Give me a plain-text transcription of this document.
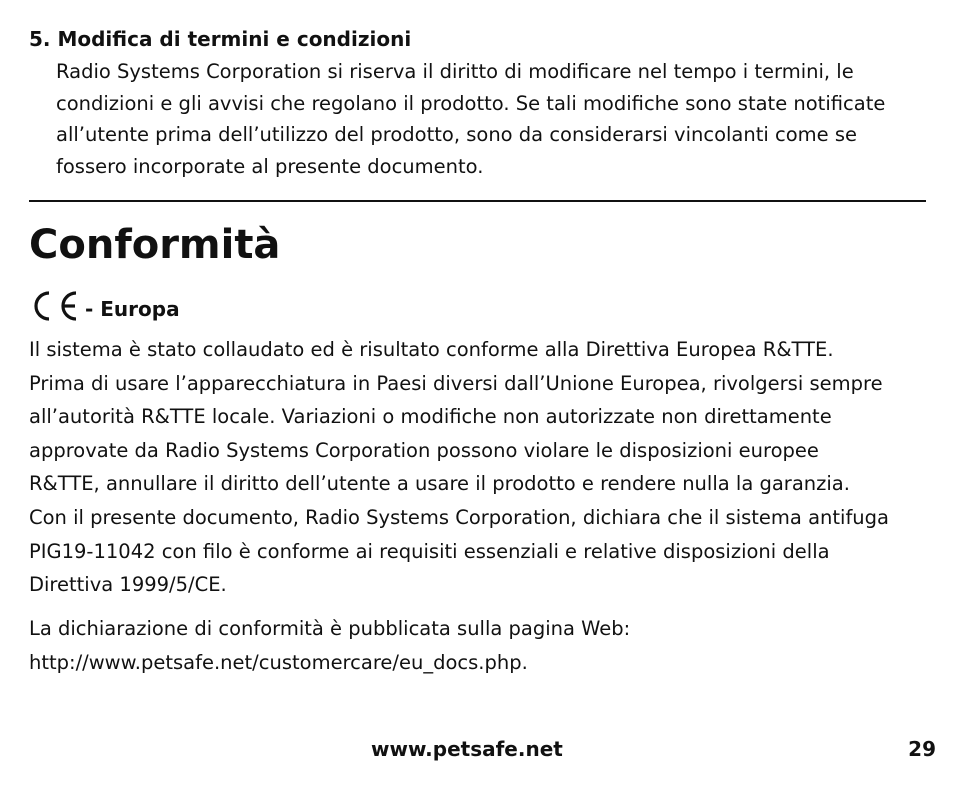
5. Modifica di termini e condizioni
Radio Systems Corporation si riserva il diritto di modificare nel tempo i termini, le
condizioni e gli avvisi che regolano il prodotto. Se tali modifiche sono state notificate
all’utente prima dell’utilizzo del prodotto, sono da considerarsi vincolanti come se
fossero incorporate al presente documento.
Conformità
- Europa
Il sistema è stato collaudato ed è risultato conforme alla Direttiva Europea R&TTE.
Prima di usare l’apparecchiatura in Paesi diversi dall’Unione Europea, rivolgersi sempre
all’autorità R&TTE locale. Variazioni o modifiche non autorizzate non direttamente
approvate da Radio Systems Corporation possono violare le disposizioni europee
R&TTE, annullare il diritto dell’utente a usare il prodotto e rendere nulla la garanzia.
Con il presente documento, Radio Systems Corporation, dichiara che il sistema antifuga
PIG19-11042 con filo è conforme ai requisiti essenziali e relative disposizioni della
Direttiva 1999/5/CE.
La dichiarazione di conformità è pubblicata sulla pagina Web:
http://www.petsafe.net/customercare/eu_docs.php.
www.petsafe.net	29
